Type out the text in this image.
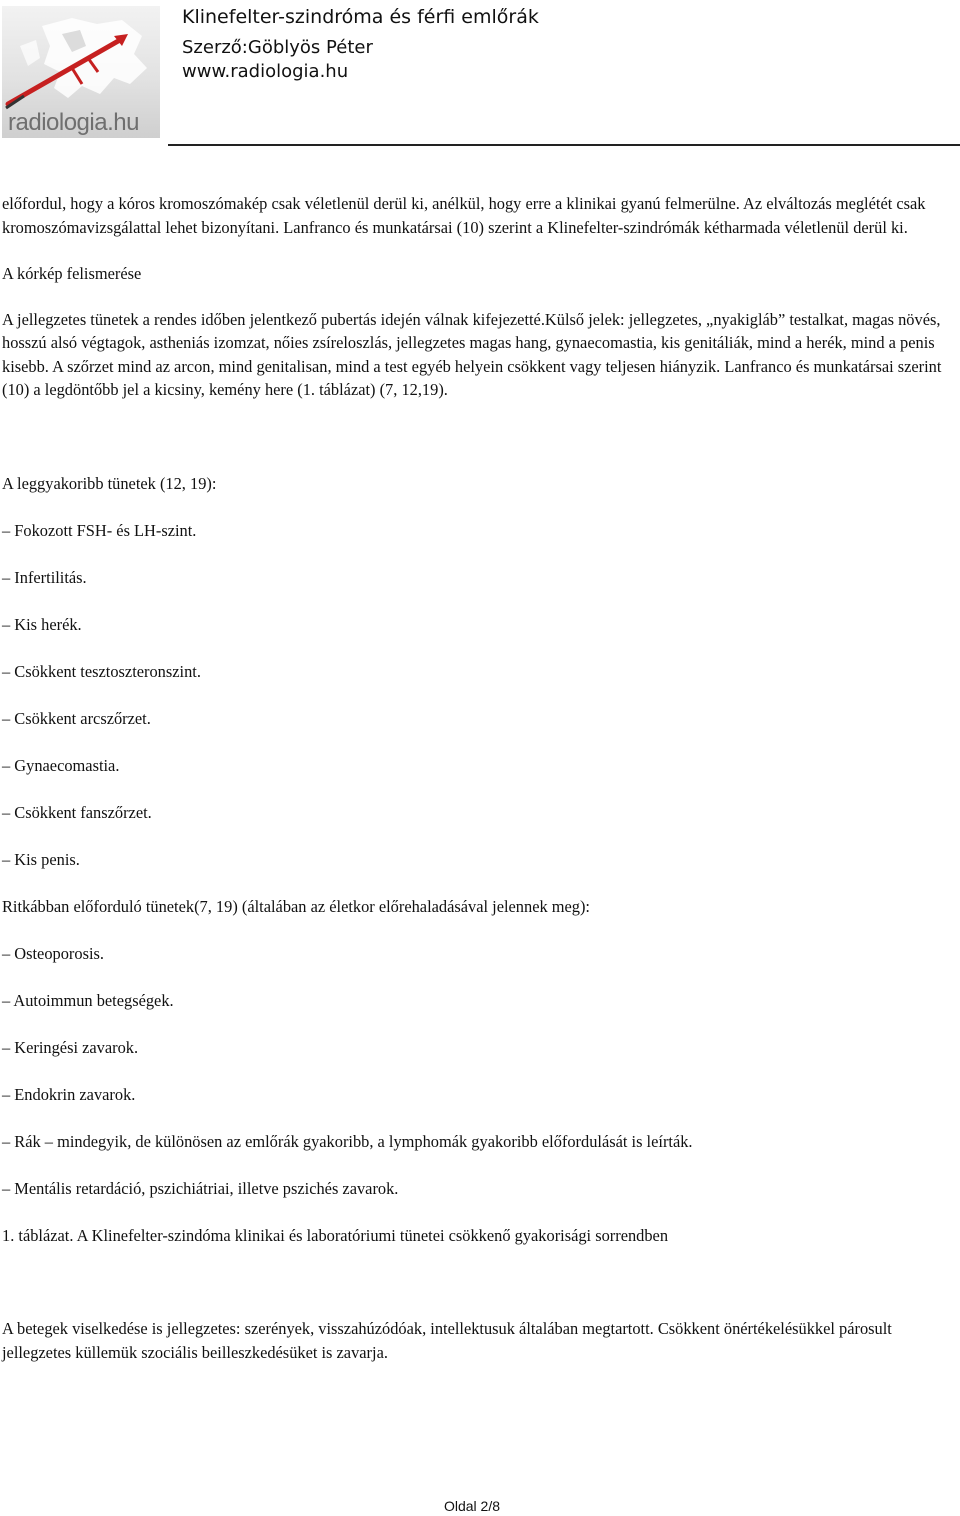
radiologia.hu
Klinefelter-szindróma és férfi emlőrák
Szerző:Göblyös Péter
www.radiologia.hu

előfordul, hogy a kóros kromoszómakép csak véletlenül derül ki, anélkül, hogy erre a klinikai gyanú felmerülne. Az elváltozás meglétét csak kromoszómavizsgálattal lehet bizonyítani. Lanfranco és munkatársai (10) szerint a Klinefelter-szindrómák kétharmada véletlenül derül ki.

A kórkép felismerése

A jellegzetes tünetek a rendes időben jelentkező pubertás idején válnak kifejezetté.Külső jelek: jellegzetes, „nyakigláb” testalkat, magas növés, hosszú alsó végtagok, astheniás izomzat, nőies zsíreloszlás, jellegzetes magas hang, gynaecomastia, kis genitáliák, mind a herék, mind a penis kisebb. A szőrzet mind az arcon, mind genitalisan, mind a test egyéb helyein csökkent vagy teljesen hiányzik. Lanfranco és munkatársai szerint (10) a legdöntőbb jel a kicsiny, kemény here (1. táblázat) (7, 12,19).

A leggyakoribb tünetek (12, 19):

– Fokozott FSH- és LH-szint.

– Infertilitás.

– Kis herék.

– Csökkent tesztoszteronszint.

– Csökkent arcszőrzet.

– Gynaecomastia.

– Csökkent fanszőrzet.

– Kis penis.

Ritkábban előforduló tünetek(7, 19) (általában az életkor előrehaladásával jelennek meg):

– Osteoporosis.

– Autoimmun betegségek.

– Keringési zavarok.

– Endokrin zavarok.

– Rák – mindegyik, de különösen az emlőrák gyakoribb, a lymphomák gyakoribb előfordulását is leírták.

– Mentális retardáció, pszichiátriai, illetve pszichés zavarok.

1. táblázat. A Klinefelter-szindóma klinikai és laboratóriumi tünetei csökkenő gyakorisági sorrendben

A betegek viselkedése is jellegzetes: szerények, visszahúzódóak, intellektusuk általában megtartott. Csökkent önértékelésükkel párosult jellegzetes küllemük szociális beilleszkedésüket is zavarja.

Oldal 2/8
